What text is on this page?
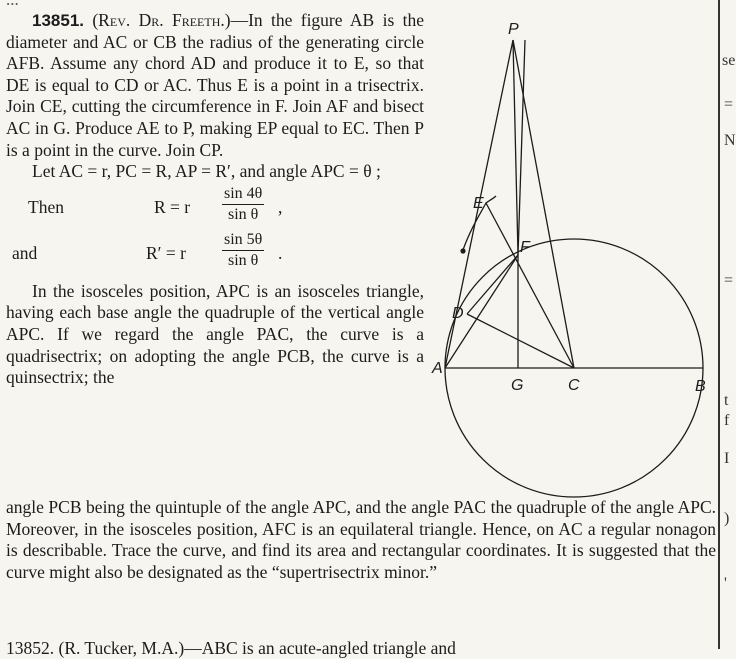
13851. (Rev. Dr. Freeth.)—In the figure AB is the diameter and AC or CB the radius of the generating circle AFB. Assume any chord AD and produce it to E, so that DE is equal to CD or AC. Thus E is a point in a trisectrix. Join CE, cutting the circumference in F. Join AF and bisect AC in G. Produce AE to P, making EP equal to EC. Then P is a point in the curve. Join CP.

Let AC = r, PC = R, AP = R′, and angle APC = θ ;

Then	R = r $\frac{\sin 4\theta}{\text{sin θ}}$ ,
and	R′ = r $\frac{\sin 5\theta}{\text{sin θ}}$ .

In the isosceles position, APC is an isosceles triangle, having each base angle the quadruple of the vertical angle APC. If we regard the angle PAC, the curve is a quadrisectrix; on adopting the angle PCB, the curve is a quinsectrix; the

angle PCB being the quintuple of the angle APC, and the angle PAC the quadruple of the angle APC. Moreover, in the isosceles position, AFC is an equilateral triangle. Hence, on AC a regular nonagon is describable. Trace the curve, and find its area and rectangular coordinates. It is suggested that the curve might also be designated as the “supertrisectrix minor.”

13852. (R. Tucker, M.A.)—ABC is an acute-angled triangle and
P
E
F
D
A
G	C	B
se
=
N
=
t
f
I
)
'
